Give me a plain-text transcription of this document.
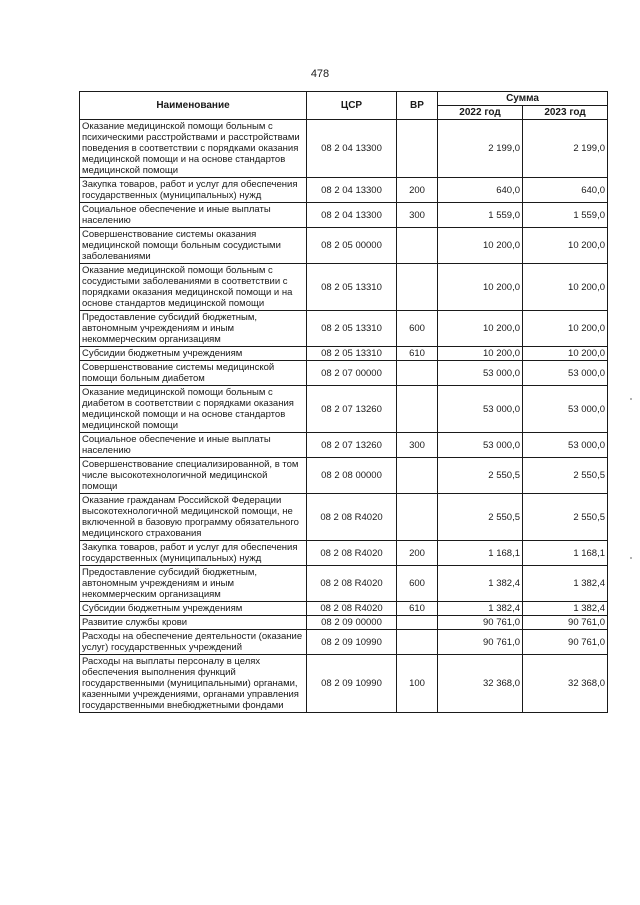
478
Наименование	ЦСР	ВР	Сумма	
			2022 год	2023 год
Оказание медицинской помощи больным с психическими расстройствами и расстройствами поведения в соответствии с порядками оказания медицинской помощи и на основе стандартов медицинской помощи	08 2 04 13300		2 199,0	2 199,0
Закупка товаров, работ и услуг для обеспечения государственных (муниципальных) нужд	08 2 04 13300	200	640,0	640,0
Социальное обеспечение и иные выплаты населению	08 2 04 13300	300	1 559,0	1 559,0
Совершенствование системы оказания медицинской помощи больным сосудистыми заболеваниями	08 2 05 00000		10 200,0	10 200,0
Оказание медицинской помощи больным с сосудистыми заболеваниями в соответствии с порядками оказания медицинской помощи и на основе стандартов медицинской помощи	08 2 05 13310		10 200,0	10 200,0
Предоставление субсидий бюджетным, автономным учреждениям и иным некоммерческим организациям	08 2 05 13310	600	10 200,0	10 200,0
Субсидии бюджетным учреждениям	08 2 05 13310	610	10 200,0	10 200,0
Совершенствование системы медицинской помощи больным диабетом	08 2 07 00000		53 000,0	53 000,0
Оказание медицинской помощи больным с диабетом в соответствии с порядками оказания медицинской помощи и на основе стандартов медицинской помощи	08 2 07 13260		53 000,0	53 000,0
Социальное обеспечение и иные выплаты населению	08 2 07 13260	300	53 000,0	53 000,0
Совершенствование специализированной, в том числе высокотехнологичной медицинской помощи	08 2 08 00000		2 550,5	2 550,5
Оказание гражданам Российской Федерации высокотехнологичной медицинской помощи, не включенной в базовую программу обязательного медицинского страхования	08 2 08 R4020		2 550,5	2 550,5
Закупка товаров, работ и услуг для обеспечения государственных (муниципальных) нужд	08 2 08 R4020	200	1 168,1	1 168,1
Предоставление субсидий бюджетным, автономным учреждениям и иным некоммерческим организациям	08 2 08 R4020	600	1 382,4	1 382,4
Субсидии бюджетным учреждениям	08 2 08 R4020	610	1 382,4	1 382,4
Развитие службы крови	08 2 09 00000		90 761,0	90 761,0
Расходы на обеспечение деятельности (оказание услуг) государственных учреждений	08 2 09 10990		90 761,0	90 761,0
Расходы на выплаты персоналу в целях обеспечения выполнения функций государственными (муниципальными) органами, казенными учреждениями, органами управления государственными внебюджетными фондами	08 2 09 10990	100	32 368,0	32 368,0
